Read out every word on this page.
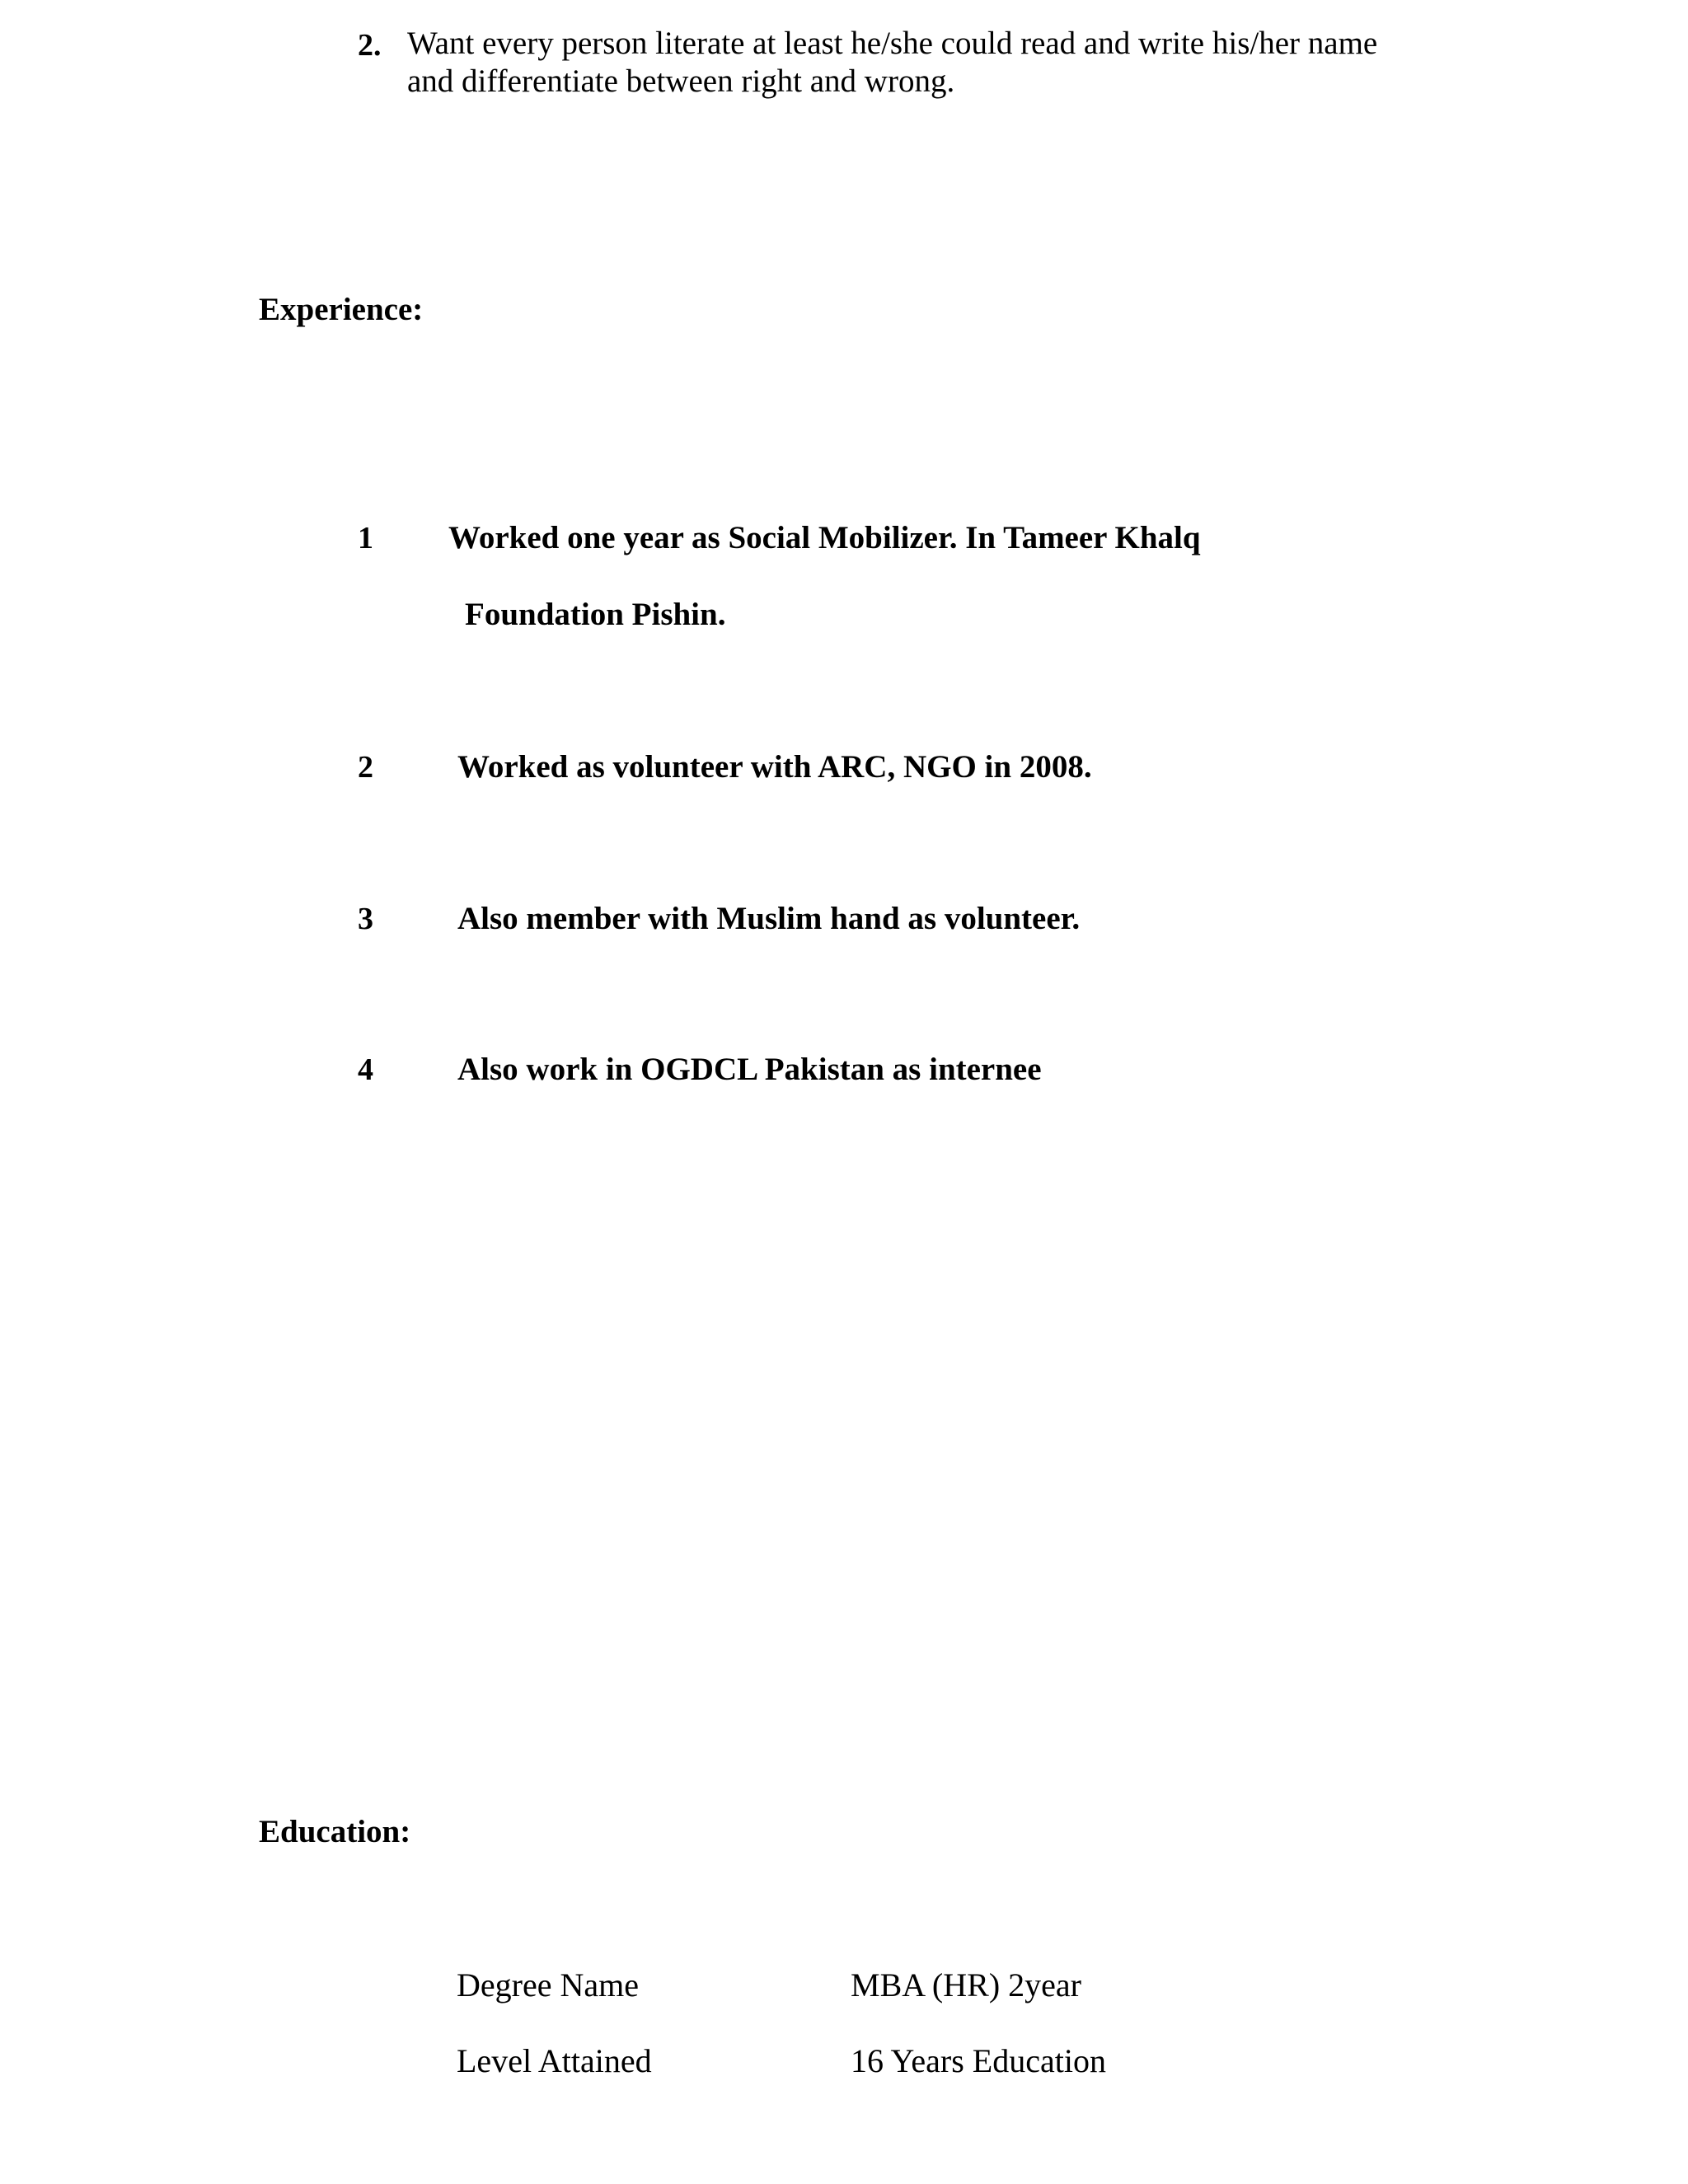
2. Want every person literate at least he/she could read and write his/her name
and differentiate between right and wrong.
Experience:
1 Worked one year as Social Mobilizer. In Tameer Khalq
Foundation Pishin.
2	Worked as volunteer with ARC, NGO in 2008.
3	Also member with Muslim hand as volunteer.
4	Also work in OGDCL Pakistan as internee
Education:
Degree Name	MBA (HR) 2year
Level Attained	16 Years Education
